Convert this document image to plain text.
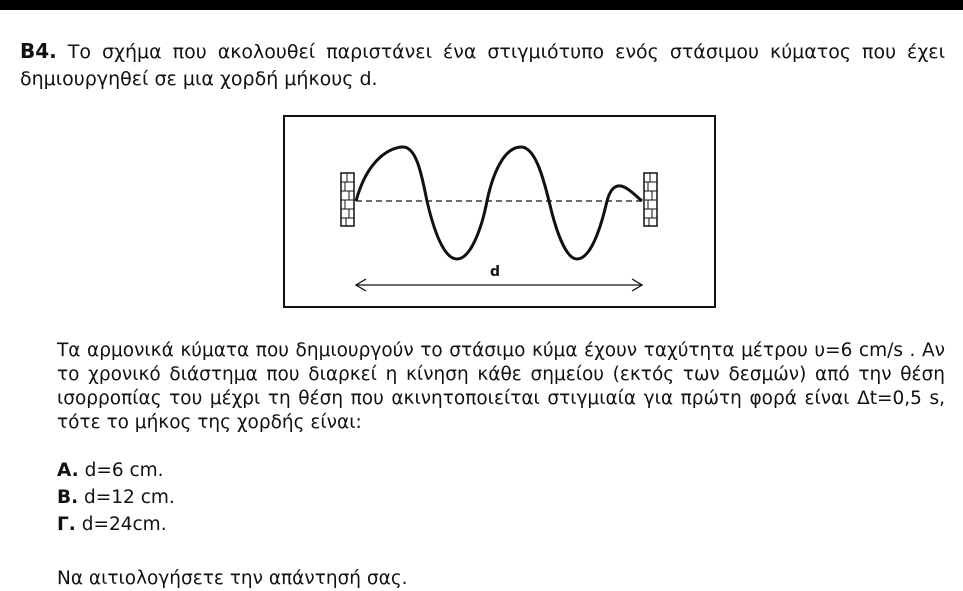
B4. Το σχήμα που ακολουθεί παριστάνει ένα στιγμιότυπο ενός στάσιμου κύματος που έχει δημιουργηθεί σε μια χορδή μήκους d.
d
Τα αρμονικά κύματα που δημιουργούν το στάσιμο κύμα έχουν ταχύτητα μέτρου υ=6 cm/s . Αν το χρονικό διάστημα που διαρκεί η κίνηση κάθε σημείου (εκτός των δεσμών) από την θέση ισορροπίας του μέχρι τη θέση που ακινητοποιείται στιγμιαία για πρώτη φορά είναι Δt=0,5 s, τότε το μήκος της χορδής είναι:
A. d=6 cm.
B. d=12 cm.
Γ. d=24cm.
Να αιτιολογήσετε την απάντησή σας.
